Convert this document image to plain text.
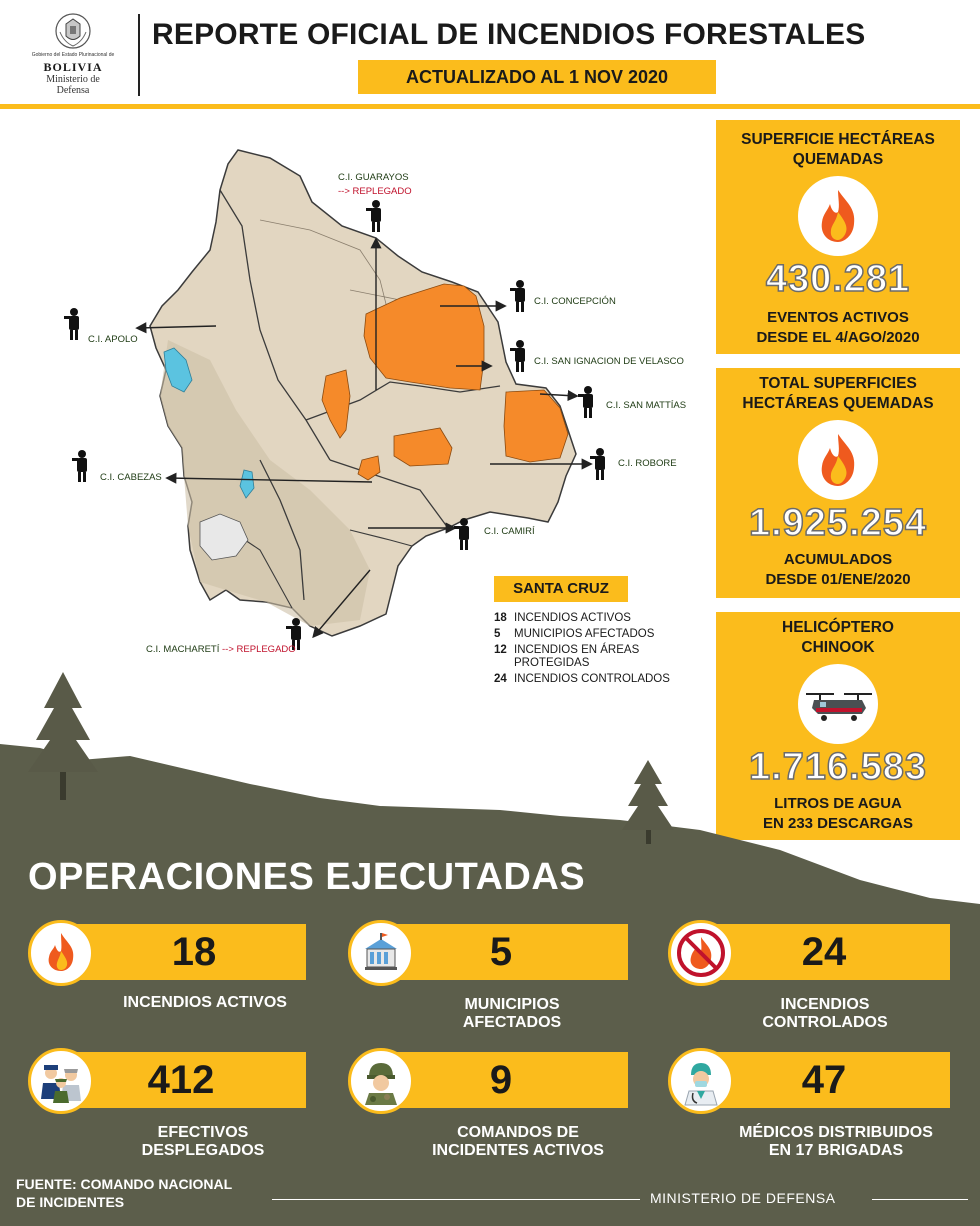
Gobierno del Estado Plurinacional de
BOLIVIA
Ministerio de
Defensa
REPORTE OFICIAL DE INCENDIOS FORESTALES
ACTUALIZADO AL 1 NOV 2020
C.I. GUARAYOS
--> REPLEGADO
C.I. CONCEPCIÓN
C.I. APOLO
C.I. SAN IGNACION DE VELASCO
C.I. SAN MATTÍAS
C.I. CABEZAS
C.I. ROBORE
C.I. CAMIRÍ
C.I. MACHARETÍ --> REPLEGADO
SANTA CRUZ
18 INCENDIOS ACTIVOS
5	MUNICIPIOS AFECTADOS
12 INCENDIOS EN ÁREAS PROTEGIDAS
24 INCENDIOS CONTROLADOS
SUPERFICIE HECTÁREAS
QUEMADAS
430.281
EVENTOS ACTIVOS
DESDE EL 4/AGO/2020
TOTAL SUPERFICIES
HECTÁREAS QUEMADAS
1.925.254
ACUMULADOS
DESDE 01/ENE/2020
HELICÓPTERO
CHINOOK
1.716.583
LITROS DE AGUA
EN 233 DESCARGAS
OPERACIONES EJECUTADAS
18
INCENDIOS ACTIVOS
5
MUNICIPIOS
AFECTADOS
24
INCENDIOS
CONTROLADOS
412
EFECTIVOS
DESPLEGADOS
9
COMANDOS DE
INCIDENTES ACTIVOS
47
MÉDICOS DISTRIBUIDOS
EN 17 BRIGADAS
FUENTE: COMANDO NACIONAL
DE INCIDENTES	MINISTERIO DE DEFENSA
